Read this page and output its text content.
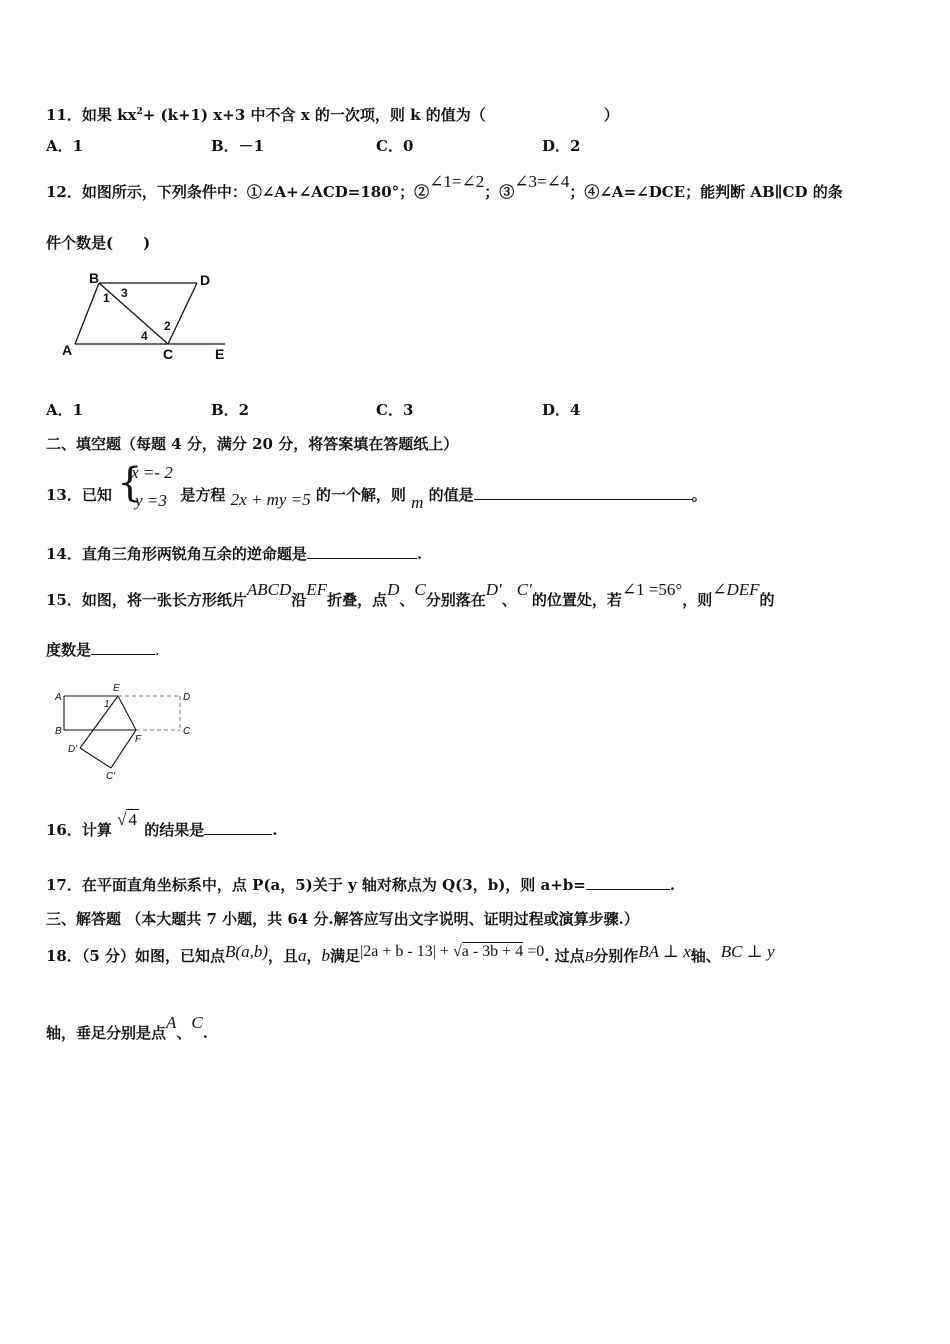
11．如果 $kx^2+ (k+1)$ x+3 中不含 x 的一次项，则 k 的值为（	）
A．1	B．－1	C．0	D．2
12．如图所示，下列条件中：①∠A+∠ACD=180°；②∠1=∠2；③∠3=∠4；④∠A=∠DCE；能判断 AB∥CD 的条
件个数是(　　)
B	D
A	C	E
1
2
3
4
A．1	B．2	C．3	D．4
二、填空题（每题 4 分，满分 20 分，将答案填在答题纸上）
13．已知 {
x =- 2
y =3 是方程 2x + my =5 的一个解，则 m 的值是	。
14．直角三角形两锐角互余的逆命题是	.
15．如图，将一张长方形纸片ABCD沿EF折叠，点D、C分别落在D′、C′的位置处，若∠1 =56°，则∠DEF的
度数是	.
A
B
E
D
C
F
1
D′
C′
16．计算 √ 4 的结果是	.
17．在平面直角坐标系中，点 P(a，5)关于 y 轴对称点为 Q(3，b)，则 a+b=	.
三、解答题 （本大题共 7 小题，共 64 分.解答应写出文字说明、证明过程或演算步骤.）
18．（5 分）如图，已知点B(a,b)，且a，b满足|2a + b - 13| + √a - 3b + 4 =0. 过点B分别作BA ⊥ x轴、BC ⊥ y
轴，垂足分别是点A、C.
